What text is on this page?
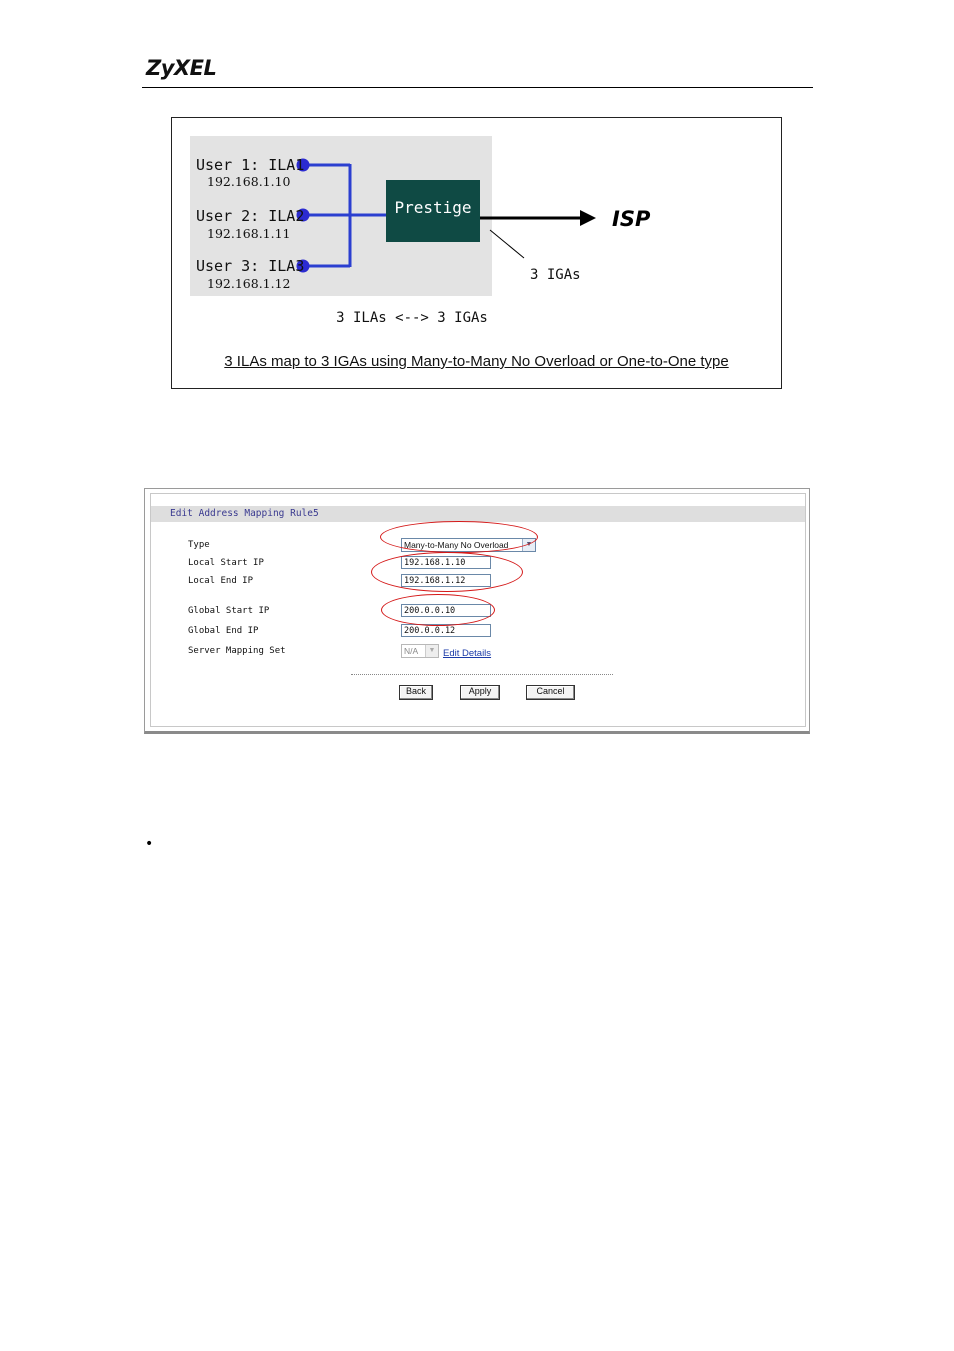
ZyXEL
User 1: ILA1
192.168.1.10
User 2: ILA2
192.168.1.11
User 3: ILA3
192.168.1.12
Prestige	ISP
3 IGAs
3 ILAs <--> 3 IGAs
3 ILAs map to 3 IGAs using Many-to-Many No Overload or One-to-One type
Edit Address Mapping Rule5
Type	Many-to-Many No Overload	▼
Local Start IP	192.168.1.10
Local End IP	192.168.1.12
Global Start IP	200.0.0.10
Global End IP	200.0.0.12
Server Mapping Set	N/A	▼ Edit Details
Back	Apply	Cancel
•
